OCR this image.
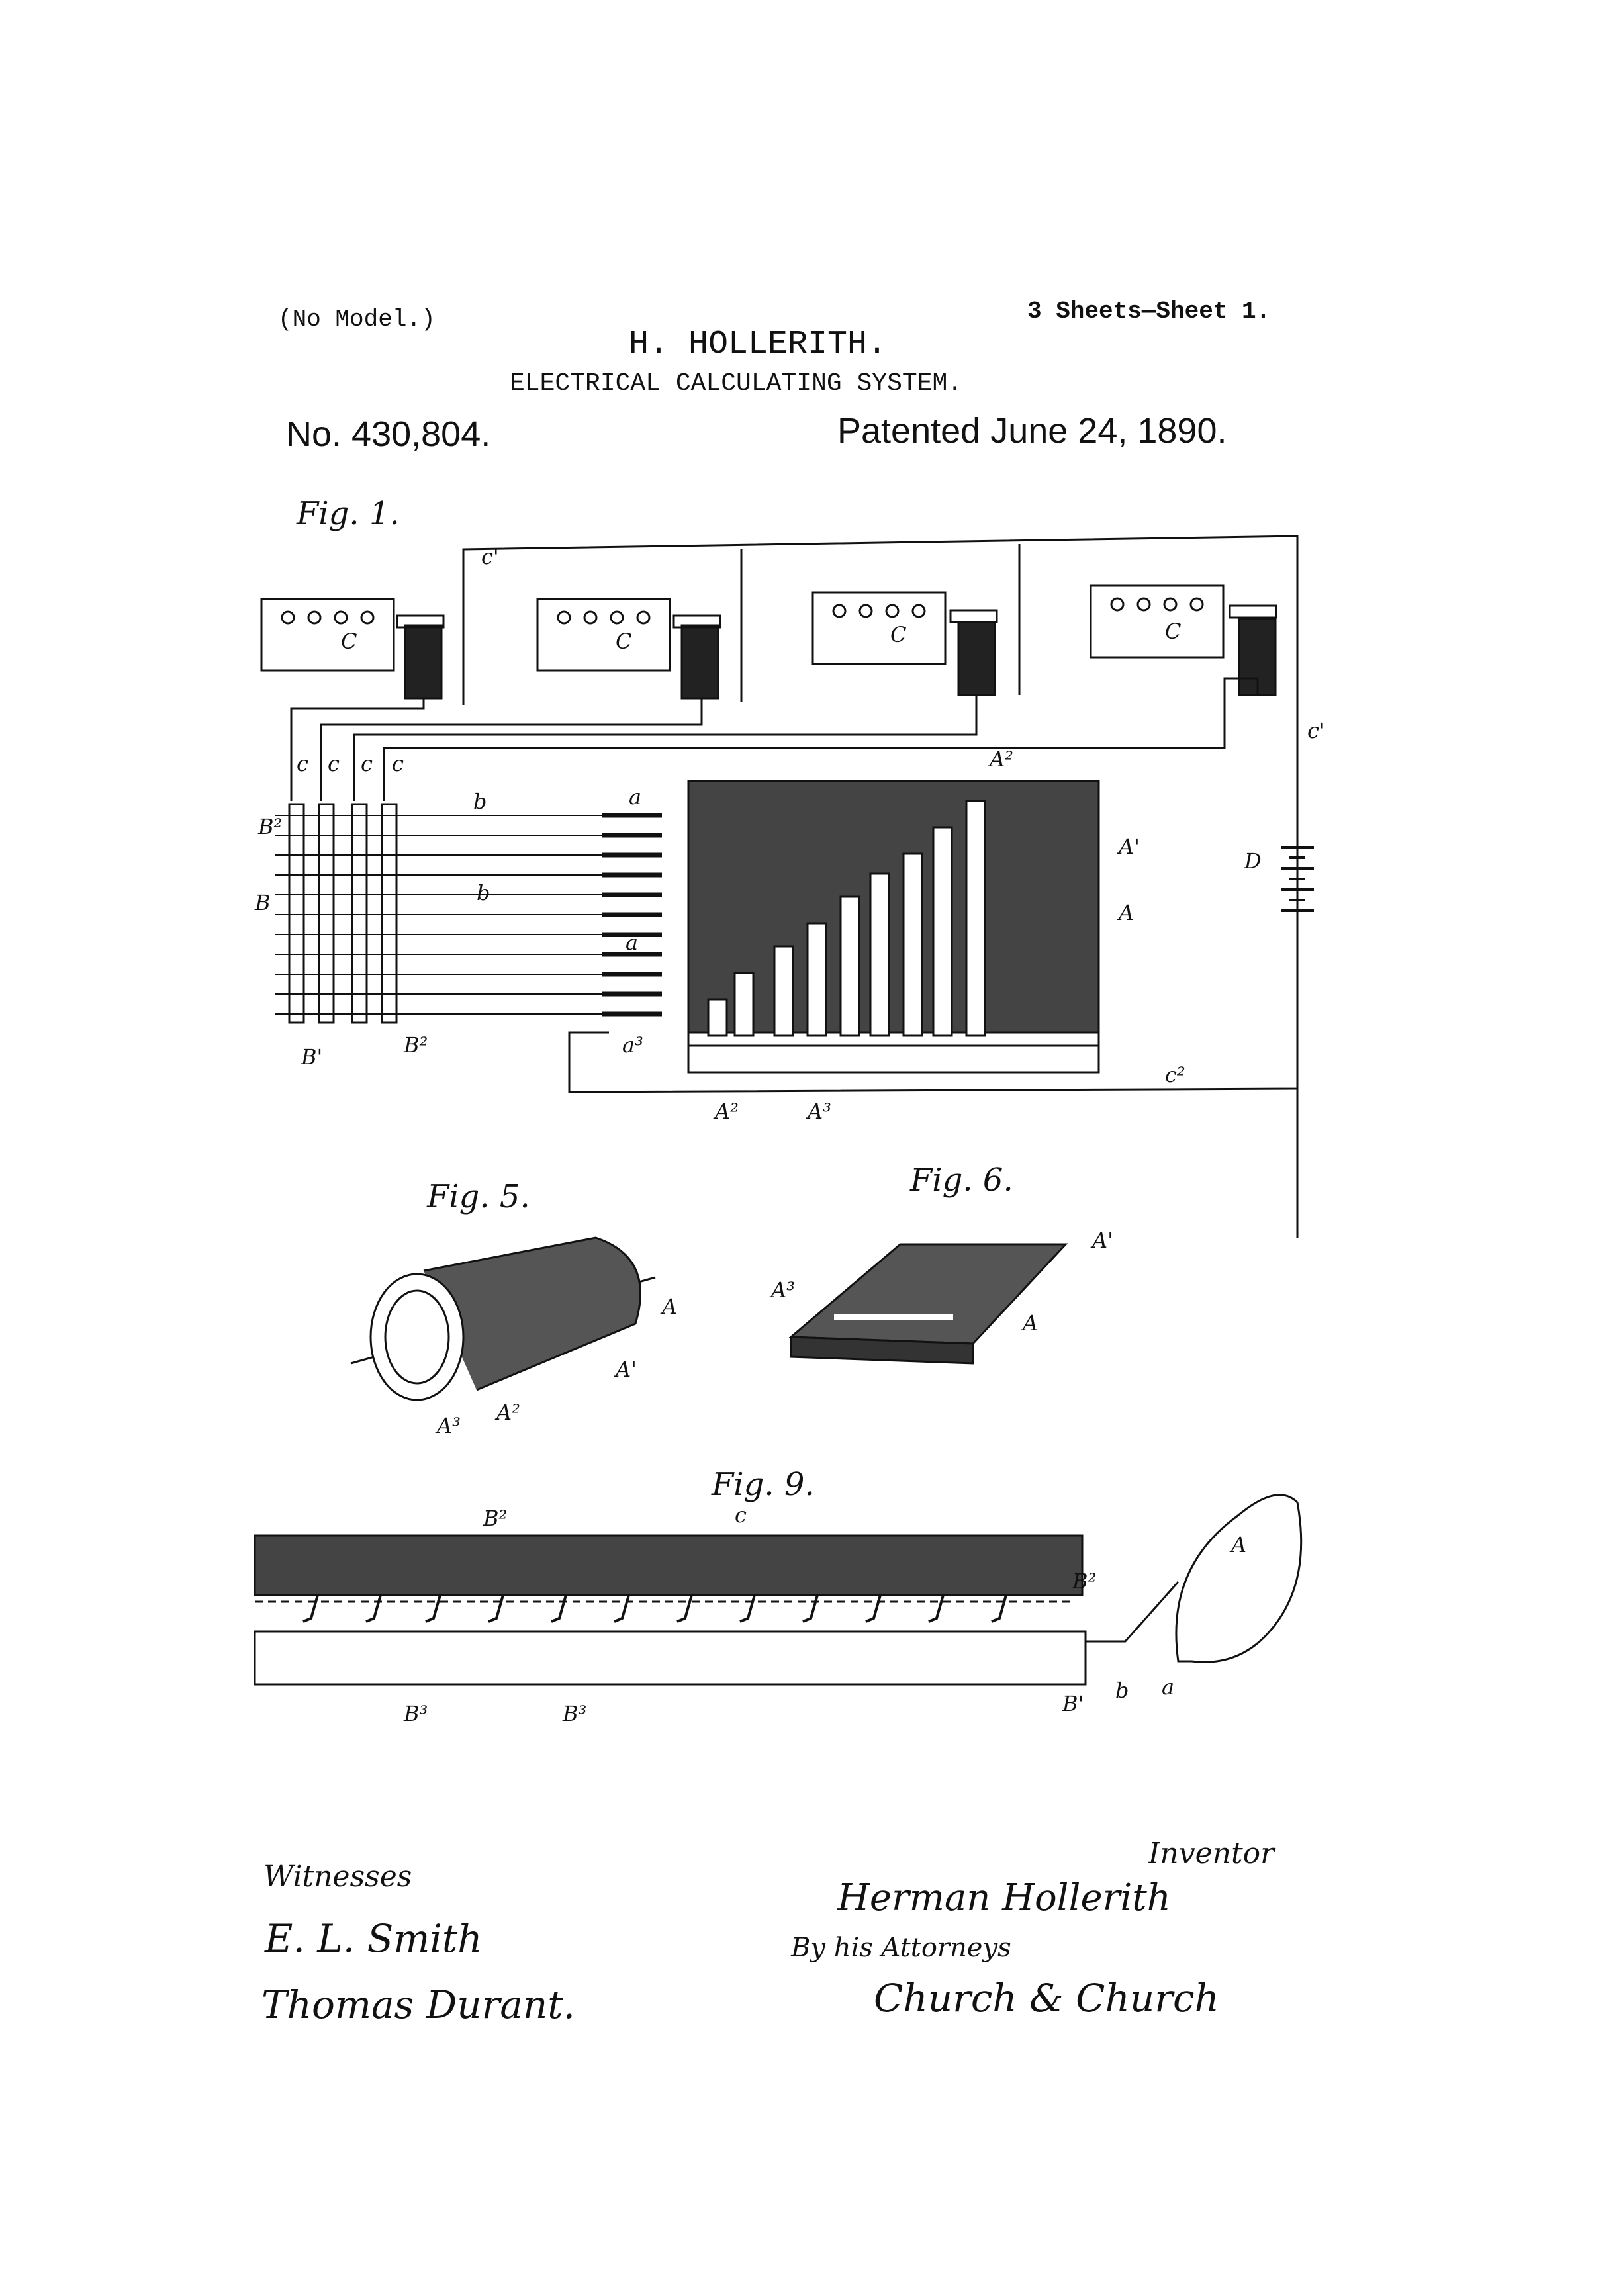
(No Model.)	3 Sheets—Sheet 1.
H. HOLLERITH.
ELECTRICAL CALCULATING SYSTEM.
No. 430,804.	Patented June 24, 1890.
Fig. 1.
Fig. 5.	Fig. 6.
Fig. 9.
c'
C	C	C	C
c c c c
b
b
a
a
a³
B²
B
B'	B²
A²
A'
A
A²	A³
D
c'
c²
A
A'
A³
A²
A'
A³
A
B²	c
B²
B³	B³	B'
b a
A
Witnesses
E. L. Smith
Thomas Durant.
Inventor
Herman Hollerith
By his Attorneys
Church & Church
